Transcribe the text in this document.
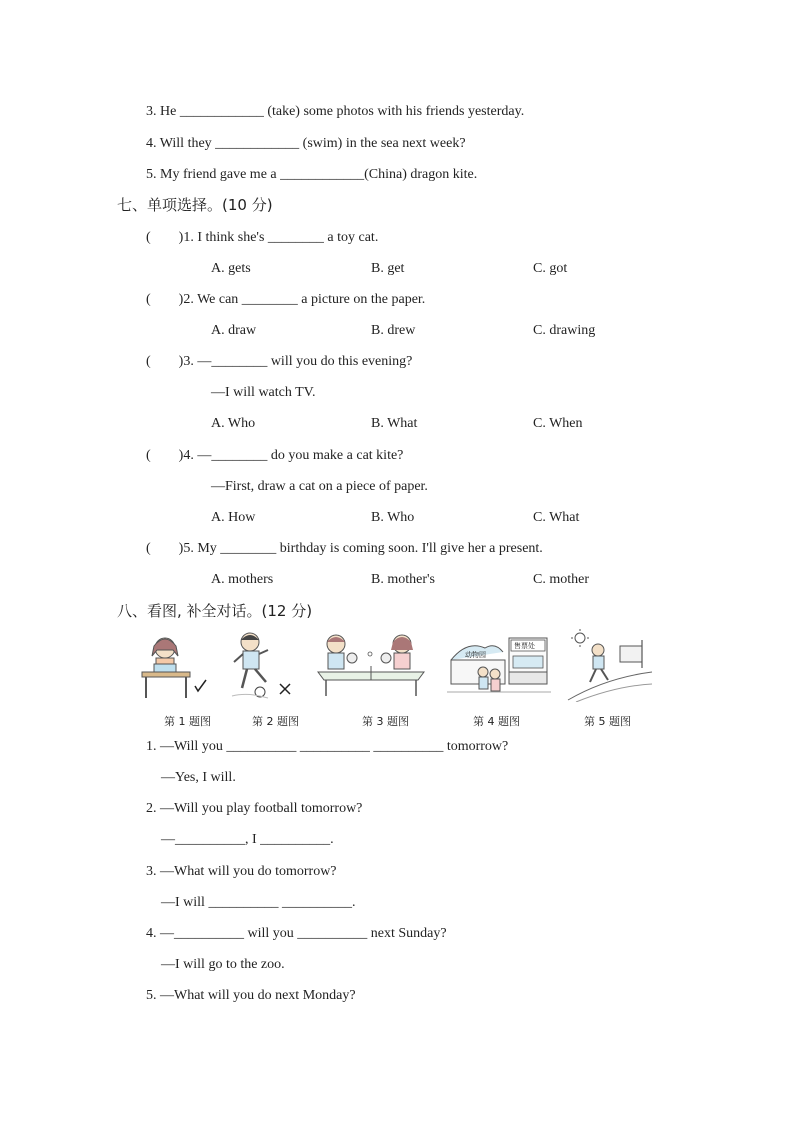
3. He ____________ (take) some photos with his friends yesterday.
4. Will they ____________ (swim) in the sea next week?
5. My friend gave me a ____________(China) dragon kite.
七、单项选择。(10 分)
(        )1. I think she's ________ a toy cat.
A. gets	B. get	C. got
(        )2. We can ________ a picture on the paper.
A. draw	B. drew	C. drawing
(        )3. —________ will you do this evening?
—I will watch TV.
A. Who	B. What	C. When
(        )4. —________ do you make a cat kite?
—First, draw a cat on a piece of paper.
A. How	B. Who	C. What
(        )5. My ________ birthday is coming soon. I'll give her a present.
A. mothers	B. mother's	C. mother
八、看图, 补全对话。(12 分)
动物园
售票处
第 1 题图	第 2 题图	第 3 题图	第 4 题图	第 5 题图
1. —Will you __________ __________ __________ tomorrow?
—Yes, I will.
2. —Will you play football tomorrow?
—__________, I __________.
3. —What will you do tomorrow?
—I will __________ __________.
4. —__________ will you __________ next Sunday?
—I will go to the zoo.
5. —What will you do next Monday?
